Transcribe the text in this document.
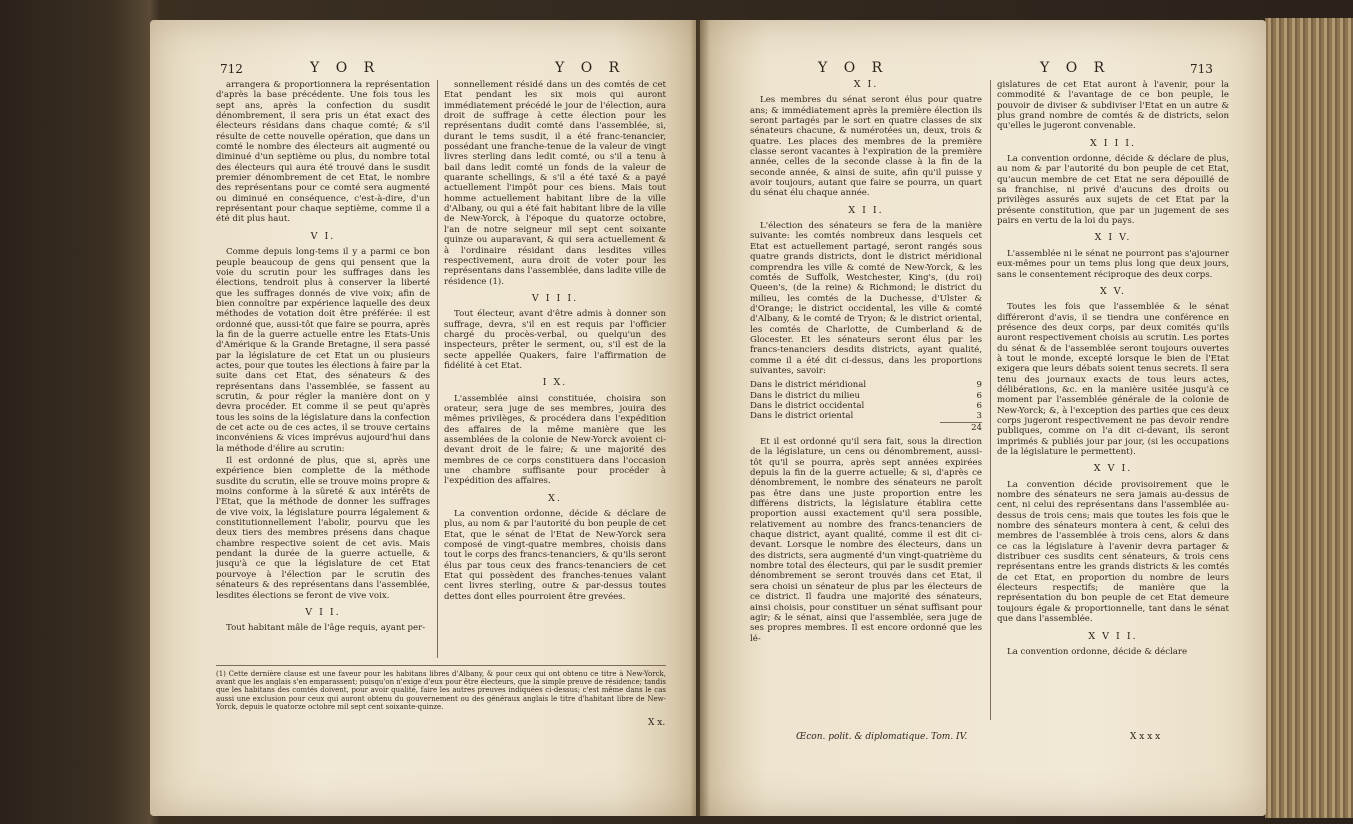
712	Y O R	Y O R

arrangera & proportionnera la représentation d'après la base précédente. Une fois tous les sept ans, après la confection du susdit dénombrement, il sera pris un état exact des électeurs résidans dans chaque comté; & s'il résulte de cette nouvelle opération, que dans un comté le nombre des électeurs ait augmenté ou diminué d'un septième ou plus, du nombre total des électeurs qui aura été trouvé dans le susdit premier dénombrement de cet Etat, le nombre des représentans pour ce comté sera augmenté ou diminué en conséquence, c'est-à-dire, d'un représentant pour chaque septième, comme il a été dit plus haut.

V I.

Comme depuis long-tems il y a parmi ce bon peuple beaucoup de gens qui pensent que la voie du scrutin pour les suffrages dans les élections, tendroit plus à conserver la liberté que les suffrages donnés de vive voix; afin de bien connoître par expérience laquelle des deux méthodes de votation doit être préférée: il est ordonné que, aussi-tôt que faire se pourra, après la fin de la guerre actuelle entre les Etats-Unis d'Amérique & la Grande Bretagne, il sera passé par la législature de cet Etat un ou plusieurs actes, pour que toutes les élections à faire par la suite dans cet Etat, des sénateurs & des représentans dans l'assemblée, se fassent au scrutin, & pour régler la manière dont on y devra procéder. Et comme il se peut qu'après tous les soins de la législature dans la confection de cet acte ou de ces actes, il se trouve certains inconvéniens & vices imprévus aujourd'hui dans la méthode d'élire au scrutin:

Il est ordonné de plus, que si, après une expérience bien complette de la méthode susdite du scrutin, elle se trouve moins propre & moins conforme à la sûreté & aux intérêts de l'Etat, que la méthode de donner les suffrages de vive voix, la législature pourra légalement & constitutionnellement l'abolir, pourvu que les deux tiers des membres présens dans chaque chambre respective soient de cet avis. Mais pendant la durée de la guerre actuelle, & jusqu'à ce que la législature de cet Etat pourvoye à l'élection par le scrutin des sénateurs & des représentans dans l'assemblée, lesdites élections se feront de vive voix.

V I I.

Tout habitant mâle de l'âge requis, ayant per-

sonnellement résidé dans un des comtés de cet Etat pendant les six mois qui auront immédiatement précédé le jour de l'élection, aura droit de suffrage à cette élection pour les représentans dudit comté dans l'assemblée, si, durant le tems susdit, il a été franc-tenancier, possédant une franche-tenue de la valeur de vingt livres sterling dans ledit comté, ou s'il a tenu à bail dans ledit comté un fonds de la valeur de quarante schellings, & s'il a été taxé & a payé actuellement l'impôt pour ces biens. Mais tout homme actuellement habitant libre de la ville d'Albany, ou qui a été fait habitant libre de la ville de New-Yorck, à l'époque du quatorze octobre, l'an de notre seigneur mil sept cent soixante quinze ou auparavant, & qui sera actuellement & à l'ordinaire résidant dans lesdites villes respectivement, aura droit de voter pour les représentans dans l'assemblée, dans ladite ville de résidence (1).

V I I I.

Tout électeur, avant d'être admis à donner son suffrage, devra, s'il en est requis par l'officier chargé du procès-verbal, ou quelqu'un des inspecteurs, prêter le serment, ou, s'il est de la secte appellée Quakers, faire l'affirmation de fidélité à cet Etat.

I X.

L'assemblée ainsi constituée, choisira son orateur, sera juge de ses membres, jouira des mêmes privilèges, & procédera dans l'expédition des affaires de la même manière que les assemblées de la colonie de New-Yorck avoient ci-devant droit de le faire; & une majorité des membres de ce corps constituera dans l'occasion une chambre suffisante pour procéder à l'expédition des affaires.

X.

La convention ordonne, décide & déclare de plus, au nom & par l'autorité du bon peuple de cet Etat, que le sénat de l'Etat de New-Yorck sera composé de vingt-quatre membres, choisis dans tout le corps des francs-tenanciers, & qu'ils seront élus par tous ceux des francs-tenanciers de cet Etat qui possèdent des franches-tenues valant cent livres sterling, outre & par-dessus toutes dettes dont elles pourroient être grevées.

(1) Cette dernière clause est une faveur pour les habitans libres d'Albany, & pour ceux qui ont obtenu ce titre à New-Yorck, avant que les anglais s'en emparassent; puisqu'on n'exige d'eux pour être électeurs, que la simple preuve de résidence; tandis que les habitans des comtés doivent, pour avoir qualité, faire les autres preuves indiquées ci-dessus; c'est même dans le cas aussi une exclusion pour ceux qui auront obtenu du gouvernement ou des généraux anglais le titre d'habitant libre de New-Yorck, depuis le quatorze octobre mil sept cent soixante-quinze.
X x.
Y O R	Y O R	713

X I.

Les membres du sénat seront élus pour quatre ans; & immédiatement après la première élection ils seront partagés par le sort en quatre classes de six sénateurs chacune, & numérotées un, deux, trois & quatre. Les places des membres de la première classe seront vacantes à l'expiration de la première année, celles de la seconde classe à la fin de la seconde année, & ainsi de suite, afin qu'il puisse y avoir toujours, autant que faire se pourra, un quart du sénat élu chaque année.

X I I.

L'élection des sénateurs se fera de la manière suivante: les comtés nombreux dans lesquels cet Etat est actuellement partagé, seront rangés sous quatre grands districts, dont le district méridional comprendra les ville & comté de New-Yorck, & les comtés de Suffolk, Westchester, King's, (du roi) Queen's, (de la reine) & Richmond; le district du milieu, les comtés de la Duchesse, d'Ulster & d'Orange; le district occidental, les ville & comté d'Albany, & le comté de Tryon; & le district oriental, les comtés de Charlotte, de Cumberland & de Glocester. Et les sénateurs seront élus par les francs-tenanciers desdits districts, ayant qualité, comme il a été dit ci-dessus, dans les proportions suivantes, savoir:

Dans le district méridional	9
Dans le district du milieu	6
Dans le district occidental	6
Dans le district oriental	3
24

Et il est ordonné qu'il sera fait, sous la direction de la législature, un cens ou dénombrement, aussi-tôt qu'il se pourra, après sept années expirées depuis la fin de la guerre actuelle; & si, d'après ce dénombrement, le nombre des sénateurs ne paroît pas être dans une juste proportion entre les différens districts, la législature établira cette proportion aussi exactement qu'il sera possible, relativement au nombre des francs-tenanciers de chaque district, ayant qualité, comme il est dit ci-devant. Lorsque le nombre des électeurs, dans un des districts, sera augmenté d'un vingt-quatrième du nombre total des électeurs, qui par le susdit premier dénombrement se seront trouvés dans cet Etat, il sera choisi un sénateur de plus par les électeurs de ce district. Il faudra une majorité des sénateurs, ainsi choisis, pour constituer un sénat suffisant pour agir; & le sénat, ainsi que l'assemblée, sera juge de ses propres membres. Il est encore ordonné que les lé-

gislatures de cet Etat auront à l'avenir, pour la commodité & l'avantage de ce bon peuple, le pouvoir de diviser & subdiviser l'Etat en un autre & plus grand nombre de comtés & de districts, selon qu'elles le jugeront convenable.

X I I I.

La convention ordonne, décide & déclare de plus, au nom & par l'autorité du bon peuple de cet Etat, qu'aucun membre de cet Etat ne sera dépouillé de sa franchise, ni privé d'aucuns des droits ou privilèges assurés aux sujets de cet Etat par la présente constitution, que par un jugement de ses pairs en vertu de la loi du pays.

X I V.

L'assemblée ni le sénat ne pourront pas s'ajourner eux-mêmes pour un tems plus long que deux jours, sans le consentement réciproque des deux corps.

X V.

Toutes les fois que l'assemblée & le sénat différeront d'avis, il se tiendra une conférence en présence des deux corps, par deux comités qu'ils auront respectivement choisis au scrutin. Les portes du sénat & de l'assemblée seront toujours ouvertes à tout le monde, excepté lorsque le bien de l'Etat exigera que leurs débats soient tenus secrets. Il sera tenu des journaux exacts de tous leurs actes, délibérations, &c. en la manière usitée jusqu'à ce moment par l'assemblée générale de la colonie de New-Yorck; &, à l'exception des parties que ces deux corps jugeront respectivement ne pas devoir rendre publiques, comme on l'a dit ci-devant, ils seront imprimés & publiés jour par jour, (si les occupations de la législature le permettent).

X V I.

La convention décide provisoirement que le nombre des sénateurs ne sera jamais au-dessus de cent, ni celui des représentans dans l'assemblée au-dessus de trois cens; mais que toutes les fois que le nombre des sénateurs montera à cent, & celui des membres de l'assemblée à trois cens, alors & dans ce cas la législature à l'avenir devra partager & distribuer ces susdits cent sénateurs, & trois cens représentans entre les grands districts & les comtés de cet Etat, en proportion du nombre de leurs électeurs respectifs; de manière que la représentation du bon peuple de cet Etat demeure toujours égale & proportionnelle, tant dans le sénat que dans l'assemblée.

X V I I.

La convention ordonne, décide & déclare

Œcon. polit. & diplomatique. Tom. IV.	X x x x
